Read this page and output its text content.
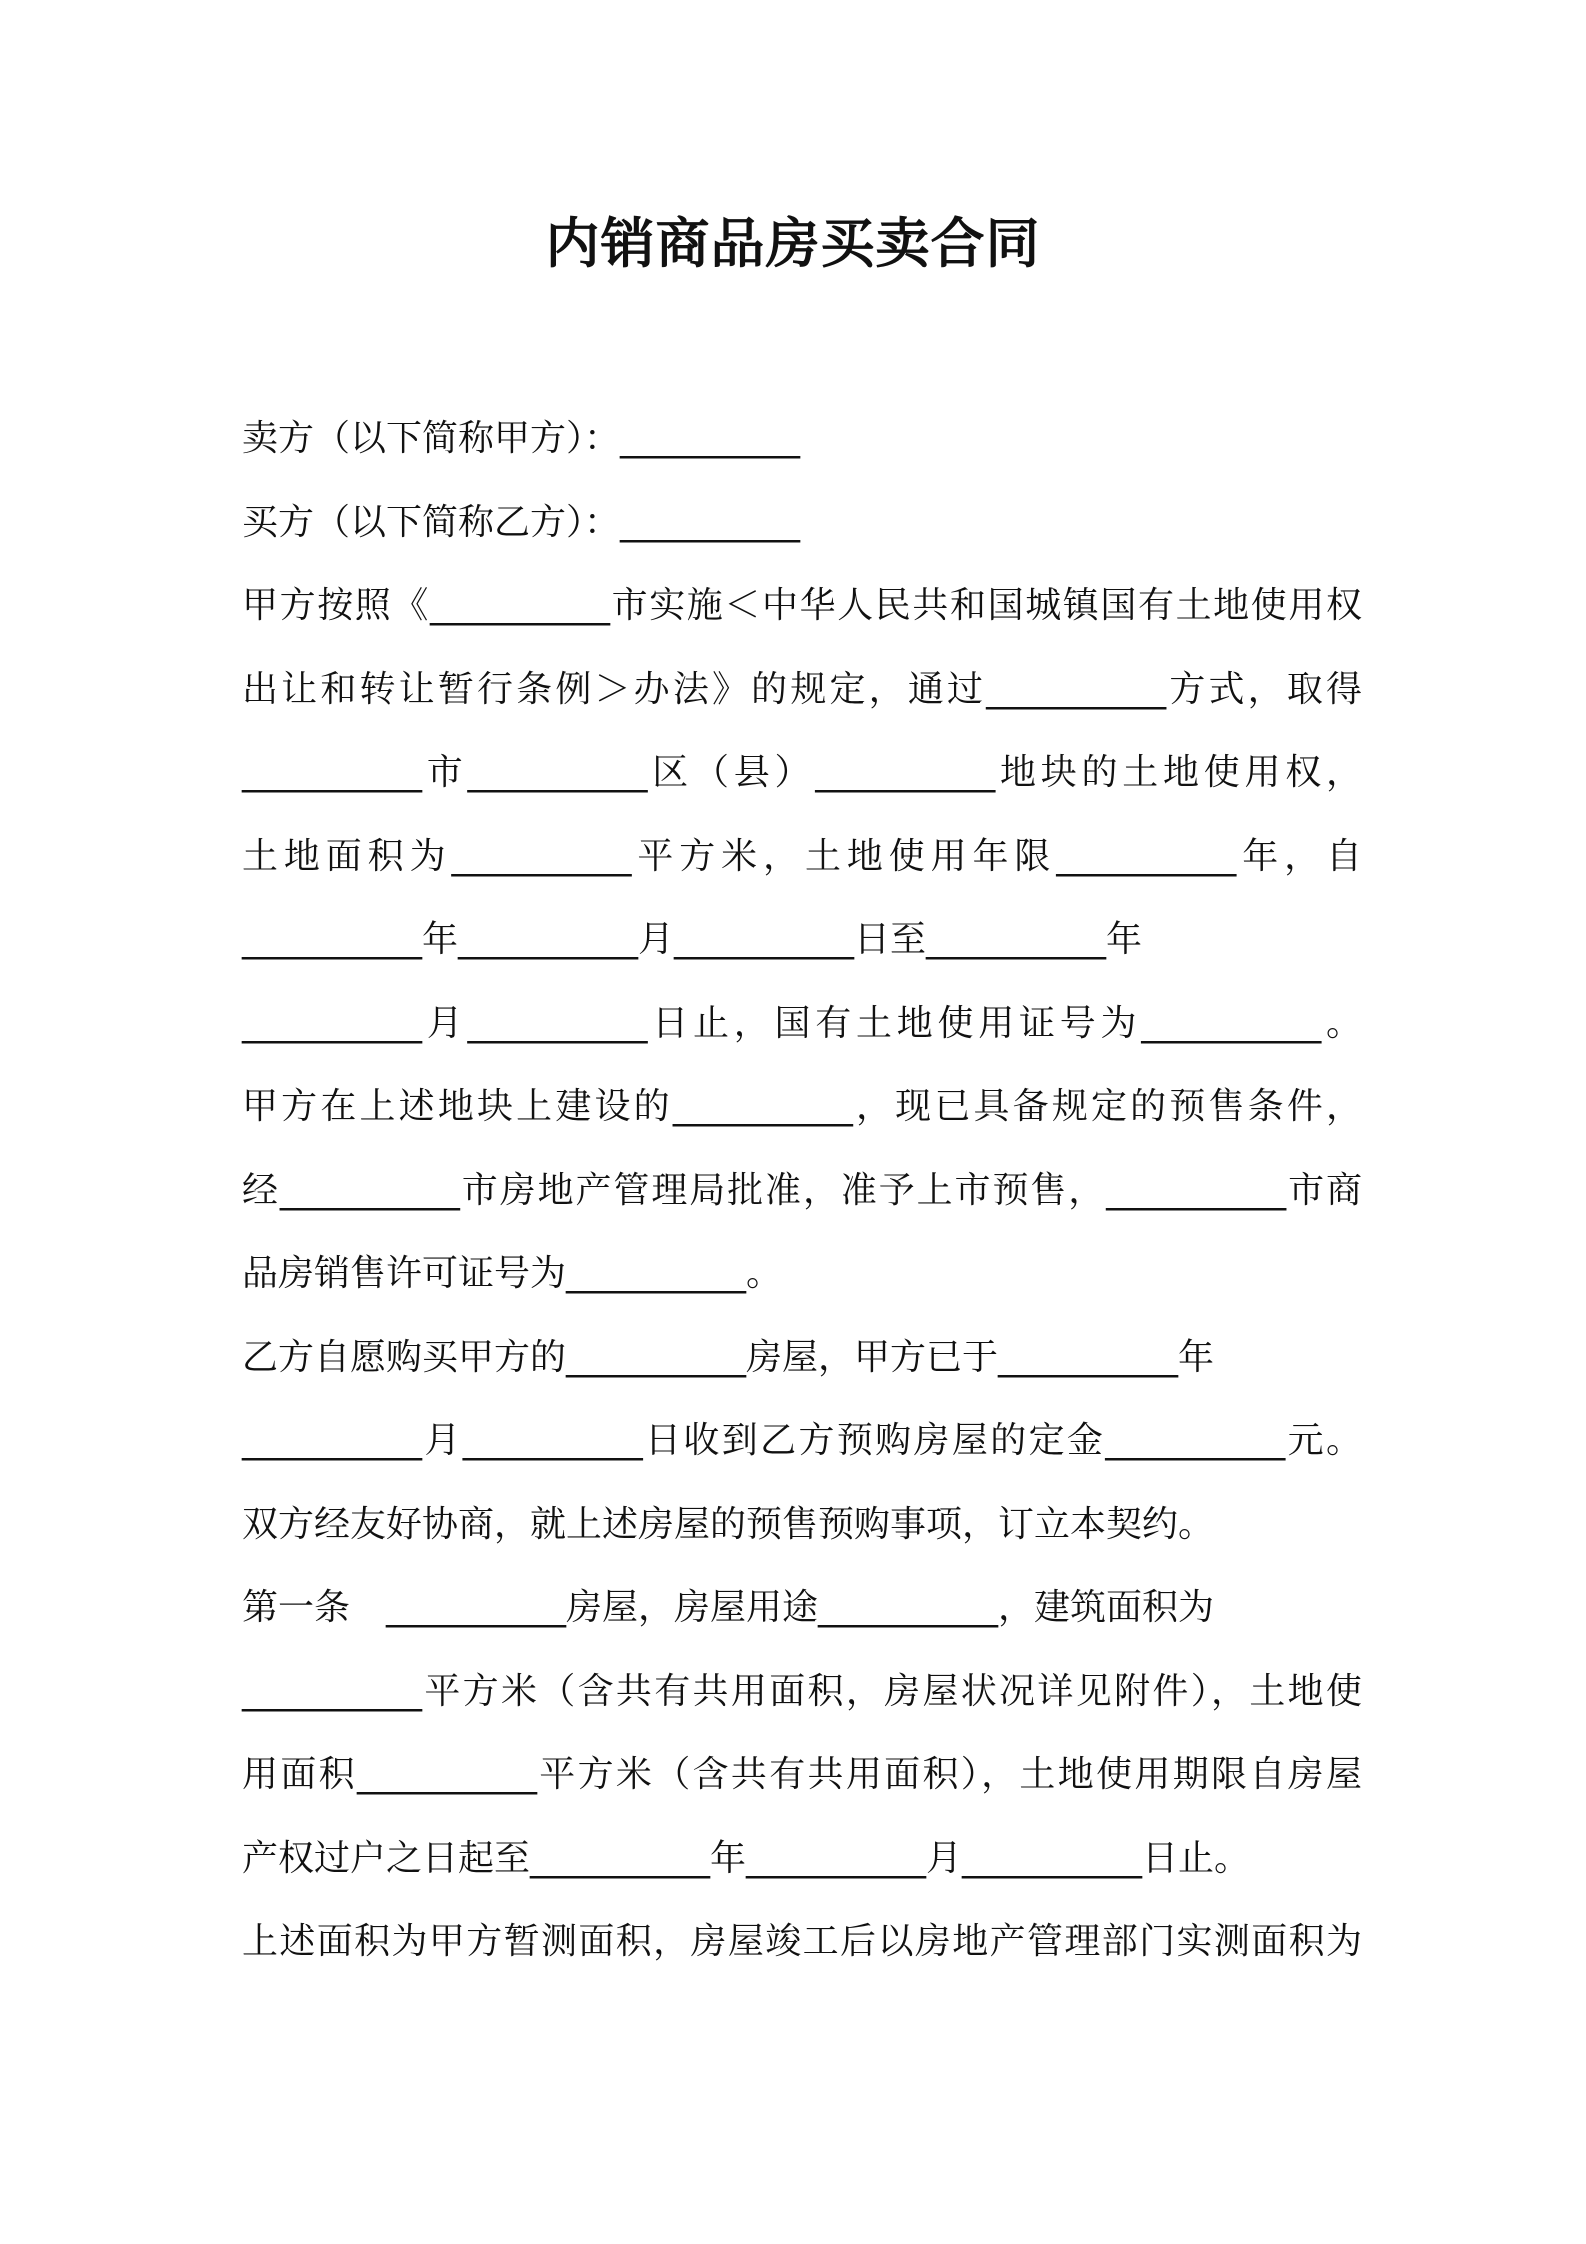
内销商品房买卖合同

卖方（以下简称甲方）：__________

买方（以下简称乙方）：__________

甲方按照《__________市实施＜中华人民共和国城镇国有土地使用权

出让和转让暂行条例＞办法》的规定，通过__________方式，取得

__________市__________区（县）__________地块的土地使用权，

土地面积为__________平方米，土地使用年限__________年，自

__________年__________月__________日至__________年

__________月__________日止，国有土地使用证号为__________。

甲方在上述地块上建设的__________，现已具备规定的预售条件，

经__________市房地产管理局批准，准予上市预售，__________市商

品房销售许可证号为__________。

乙方自愿购买甲方的__________房屋，甲方已于__________年

__________月__________日收到乙方预购房屋的定金__________元。

双方经友好协商，就上述房屋的预售预购事项，订立本契约。

第一条　__________房屋，房屋用途__________，建筑面积为

__________平方米（含共有共用面积，房屋状况详见附件），土地使

用面积__________平方米（含共有共用面积），土地使用期限自房屋

产权过户之日起至__________年__________月__________日止。

上述面积为甲方暂测面积，房屋竣工后以房地产管理部门实测面积为
